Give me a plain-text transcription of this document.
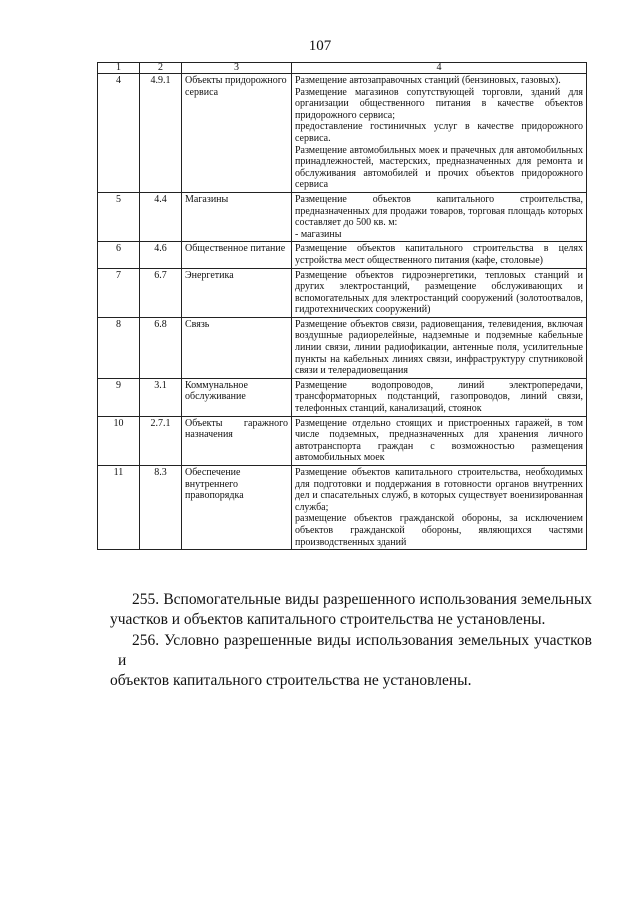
107
1	2	3	4
4	4.9.1	Объекты придорожного сервиса	Размещение автозаправочных станций (бензиновых, газовых).
Размещение магазинов сопутствующей торговли, зданий для организации общественного питания в качестве объектов придорожного сервиса;
предоставление гостиничных услуг в качестве придорожного сервиса.
Размещение автомобильных моек и прачечных для автомобильных принадлежностей, мастерских, предназначенных для ремонта и обслуживания автомобилей и прочих объектов придорожного сервиса

5	4.4	Магазины	Размещение объектов капитального строительства, предназначенных для продажи товаров, торговая площадь которых составляет до 500 кв. м:
- магазины

6	4.6	Общественное питание	Размещение объектов капитального строительства в целях устройства мест общественного питания (кафе, столовые)

7	6.7	Энергетика	Размещение объектов гидроэнергетики, тепловых станций и других электростанций, размещение обслуживающих и вспомогательных для электростанций сооружений (золотоотвалов, гидротехнических сооружений)

8	6.8	Связь	Размещение объектов связи, радиовещания, телевидения, включая воздушные радиорелейные, надземные и подземные кабельные линии связи, линии радиофикации, антенные поля, усилительные пункты на кабельных линиях связи, инфраструктуру спутниковой связи и телерадиовещания

9	3.1	Коммунальное обслуживание	Размещение водопроводов, линий электропередачи, трансформаторных подстанций, газопроводов, линий связи, телефонных станций, канализаций, стоянок

10	2.7.1	Объекты гаражного назначения	Размещение отдельно стоящих и пристроенных гаражей, в том числе подземных, предназначенных для хранения личного автотранспорта граждан с возможностью размещения автомобильных моек

11	8.3	Обеспечение внутреннего правопорядка	Размещение объектов капитального строительства, необходимых для подготовки и поддержания в готовности органов внутренних дел и спасательных служб, в которых существует военизированная служба;
размещение объектов гражданской обороны, за исключением объектов гражданской обороны, являющихся частями производственных зданий
255. Вспомогательные виды разрешенного использования земельных
участков и объектов капитального строительства не установлены.
256. Условно разрешенные виды использования земельных участков и
объектов капитального строительства не установлены.
